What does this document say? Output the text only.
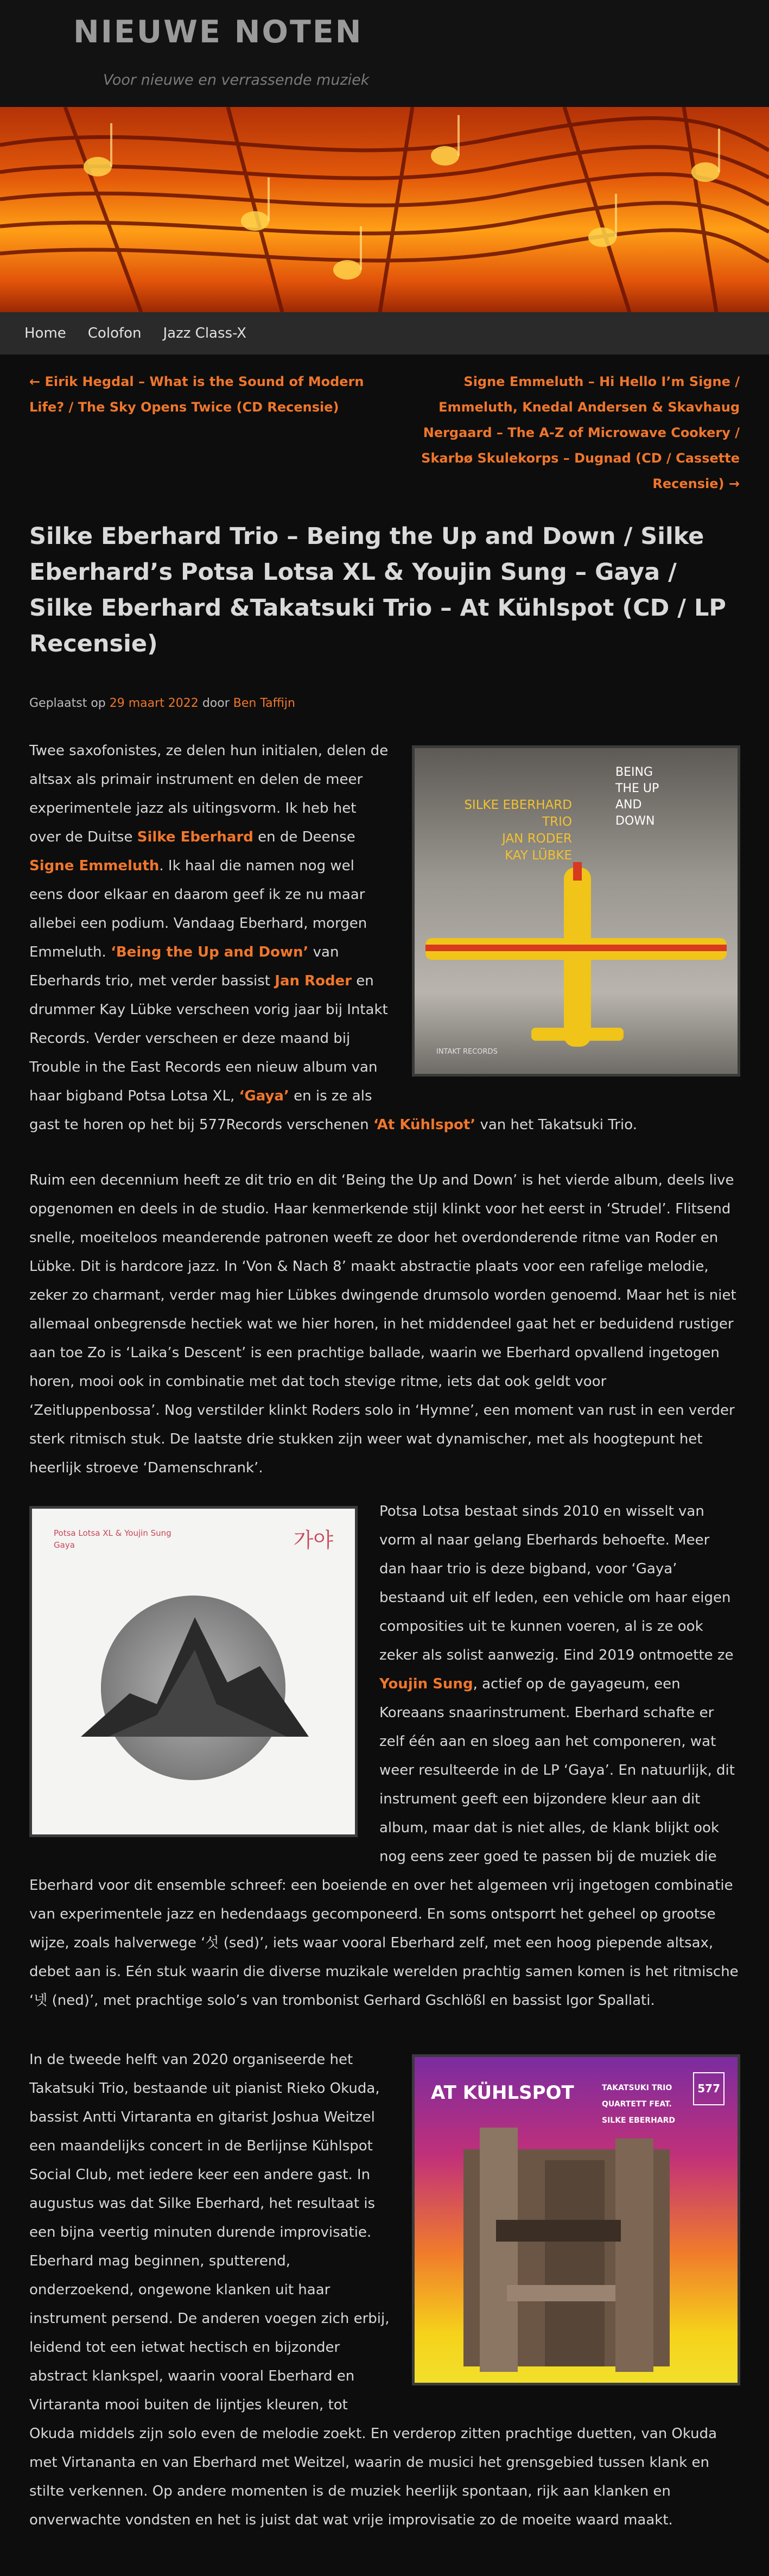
NIEUWE NOTEN
Voor nieuwe en verrassende muziek
Home Colofon Jazz Class-X
← Eirik Hegdal – What is the Sound of Modern Life? / The Sky Opens Twice (CD Recensie)
Signe Emmeluth – Hi Hello I’m Signe / Emmeluth, Knedal Andersen & Skavhaug Nergaard – The A-Z of Microwave Cookery / Skarbø Skulekorps – Dugnad (CD / Cassette Recensie) →
Silke Eberhard Trio – Being the Up and Down / Silke Eberhard’s Potsa Lotsa XL & Youjin Sung – Gaya / Silke Eberhard &Takatsuki Trio – At Kühlspot (CD / LP Recensie)
Geplaatst op 29 maart 2022 door Ben Taffijn
SILKE EBERHARD TRIO
JAN RODER
KAY LÜBKE
BEING
THE UP
AND
DOWN
INTAKT RECORDS

Twee saxofonistes, ze delen hun initialen, delen de altsax als primair instrument en delen de meer experimentele jazz als uitingsvorm. Ik heb het over de Duitse Silke Eberhard en de Deense Signe Emmeluth. Ik haal die namen nog wel eens door elkaar en daarom geef ik ze nu maar allebei een podium. Vandaag Eberhard, morgen Emmeluth. ‘Being the Up and Down’ van Eberhards trio, met verder bassist Jan Roder en drummer Kay Lübke verscheen vorig jaar bij Intakt Records. Verder verscheen er deze maand bij Trouble in the East Records een nieuw album van haar bigband Potsa Lotsa XL, ‘Gaya’ en is ze als gast te horen op het bij 577Records verschenen ‘At Kühlspot’ van het Takatsuki Trio.

Ruim een decennium heeft ze dit trio en dit ‘Being the Up and Down’ is het vierde album, deels live opgenomen en deels in de studio. Haar kenmerkende stijl klinkt voor het eerst in ‘Strudel’. Flitsend snelle, moeiteloos meanderende patronen weeft ze door het overdonderende ritme van Roder en Lübke. Dit is hardcore jazz. In ‘Von & Nach 8’ maakt abstractie plaats voor een rafelige melodie, zeker zo charmant, verder mag hier Lübkes dwingende drumsolo worden genoemd. Maar het is niet allemaal onbegrensde hectiek wat we hier horen, in het middendeel gaat het er beduidend rustiger aan toe Zo is ‘Laika’s Descent’ is een prachtige ballade, waarin we Eberhard opvallend ingetogen horen, mooi ook in combinatie met dat toch stevige ritme, iets dat ook geldt voor ‘Zeitluppenbossa’. Nog verstilder klinkt Roders solo in ‘Hymne’, een moment van rust in een verder sterk ritmisch stuk. De laatste drie stukken zijn weer wat dynamischer, met als hoogtepunt het heerlijk stroeve ‘Damenschrank’.

Potsa Lotsa XL & Youjin Sung
Gaya	가야

Potsa Lotsa bestaat sinds 2010 en wisselt van vorm al naar gelang Eberhards behoefte. Meer dan haar trio is deze bigband, voor ‘Gaya’ bestaand uit elf leden, een vehicle om haar eigen composities uit te kunnen voeren, al is ze ook zeker als solist aanwezig. Eind 2019 ontmoette ze Youjin Sung, actief op de gayageum, een Koreaans snaarinstrument. Eberhard schafte er zelf één aan en sloeg aan het componeren, wat weer resulteerde in de LP ‘Gaya’. En natuurlijk, dit instrument geeft een bijzondere kleur aan dit album, maar dat is niet alles, de klank blijkt ook nog eens zeer goed te passen bij de muziek die Eberhard voor dit ensemble schreef: een boeiende en over het algemeen vrij ingetogen combinatie van experimentele jazz en hedendaags gecomponeerd. En soms ontsporrt het geheel op grootse wijze, zoals halverwege ‘섯 (sed)’, iets waar vooral Eberhard zelf, met een hoog piepende altsax, debet aan is. Eén stuk waarin die diverse muzikale werelden prachtig samen komen is het ritmische ‘넷 (ned)’, met prachtige solo’s van trombonist Gerhard Gschlößl en bassist Igor Spallati.

AT KÜHLSPOT	TAKATSUKI TRIO
QUARTETT FEAT.
SILKE EBERHARD
577

In de tweede helft van 2020 organiseerde het Takatsuki Trio, bestaande uit pianist Rieko Okuda, bassist Antti Virtaranta en gitarist Joshua Weitzel een maandelijks concert in de Berlijnse Kühlspot Social Club, met iedere keer een andere gast. In augustus was dat Silke Eberhard, het resultaat is een bijna veertig minuten durende improvisatie. Eberhard mag beginnen, sputterend, onderzoekend, ongewone klanken uit haar instrument persend. De anderen voegen zich erbij, leidend tot een ietwat hectisch en bijzonder abstract klankspel, waarin vooral Eberhard en Virtaranta mooi buiten de lijntjes kleuren, tot Okuda middels zijn solo even de melodie zoekt. En verderop zitten prachtige duetten, van Okuda met Virtananta en van Eberhard met Weitzel, waarin de musici het grensgebied tussen klank en stilte verkennen. Op andere momenten is de muziek heerlijk spontaan, rijk aan klanken en onverwachte vondsten en het is juist dat wat vrije improvisatie zo de moeite waard maakt.
